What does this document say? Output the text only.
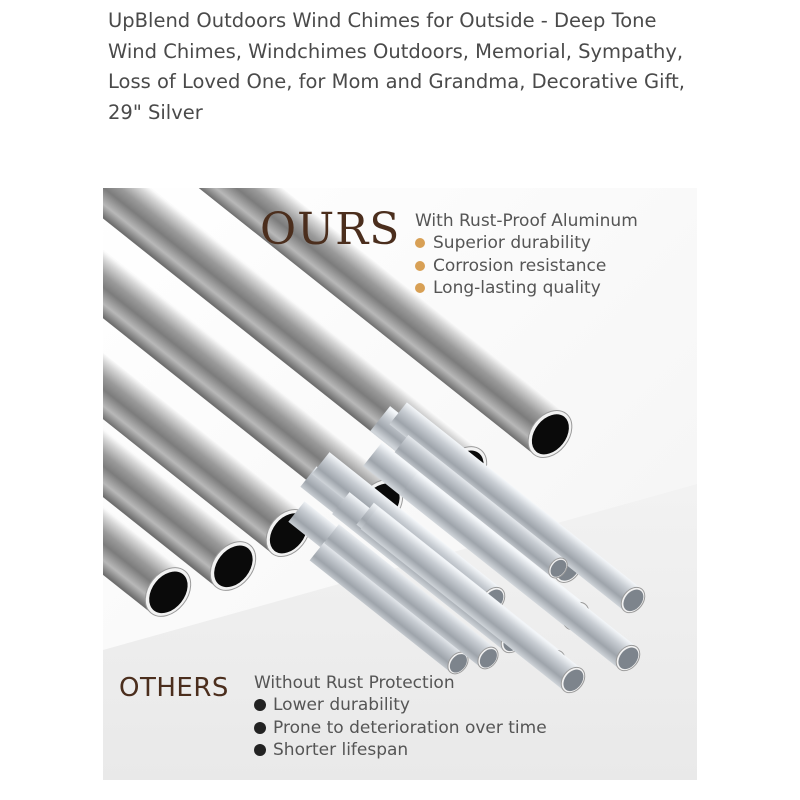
UpBlend Outdoors Wind Chimes for Outside - Deep Tone Wind Chimes, Windchimes Outdoors, Memorial, Sympathy, Loss of Loved One, for Mom and Grandma, Decorative Gift, 29" Silver
OURS With Rust-Proof Aluminum
Superior durability
Corrosion resistance
Long-lasting quality
OTHERS Without Rust Protection
Lower durability
Prone to deterioration over time
Shorter lifespan
